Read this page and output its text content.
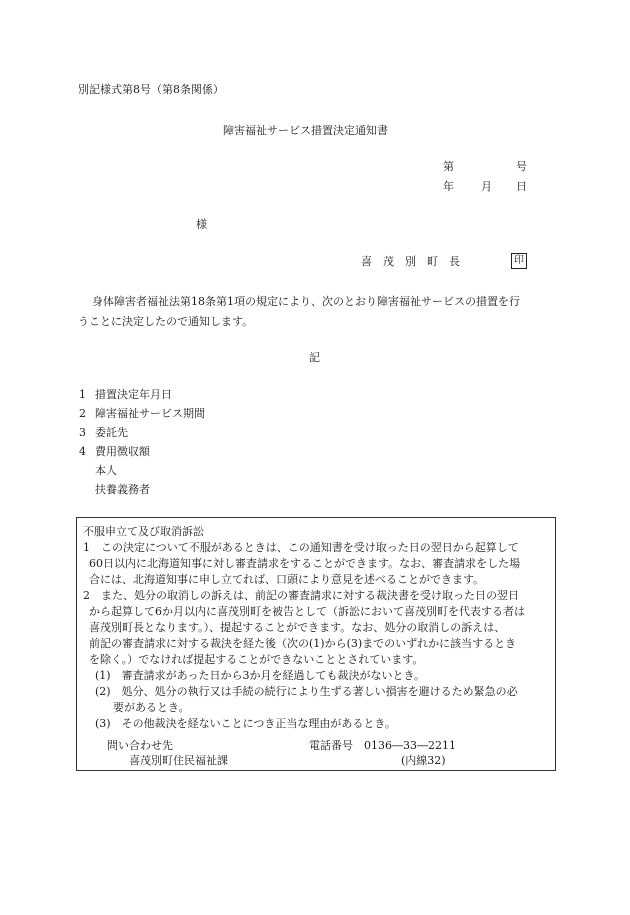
別記様式第8号（第8条関係）
障害福祉サービス措置決定通知書
第	号
年 月 日
様
喜　茂　別　町　長	印
身体障害者福祉法第18条第1項の規定により、次のとおり障害福祉サービスの措置を行
うことに決定したので通知します。
記
1 措置決定年月日
2 障害福祉サービス期間
3 委託先
4 費用徴収額
本人
扶養義務者
不服申立て及び取消訴訟
1　この決定について不服があるときは、この通知書を受け取った日の翌日から起算して
60日以内に北海道知事に対し審査請求をすることができます。なお、審査請求をした場
合には、北海道知事に申し立てれば、口頭により意見を述べることができます。
2　また、処分の取消しの訴えは、前記の審査請求に対する裁決書を受け取った日の翌日
から起算して6か月以内に喜茂別町を被告として（訴訟において喜茂別町を代表する者は
喜茂別町長となります。）、提起することができます。なお、処分の取消しの訴えは、
前記の審査請求に対する裁決を経た後（次の(1)から(3)までのいずれかに該当するとき
を除く。）でなければ提起することができないこととされています。
(1)　審査請求があった日から3か月を経過しても裁決がないとき。
(2)　処分、処分の執行又は手続の続行により生ずる著しい損害を避けるため緊急の必
要があるとき。
(3)　その他裁決を経ないことにつき正当な理由があるとき。
問い合わせ先	電話番号　0136―33―2211
喜茂別町住民福祉課	(内線32)
